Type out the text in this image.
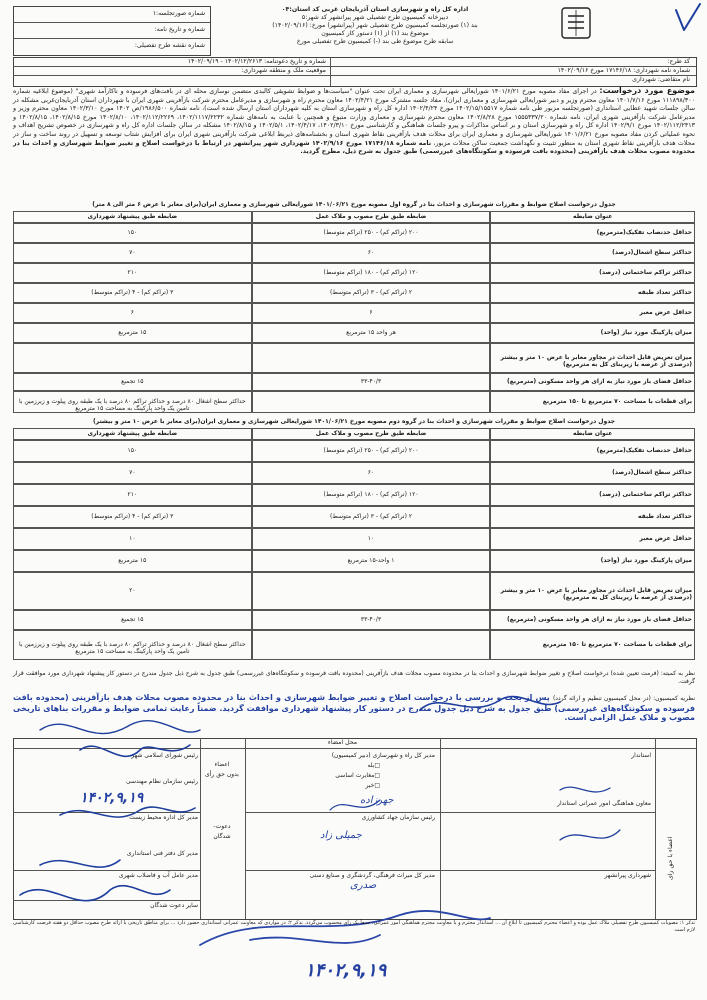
اداره کل راه و شهرسازی استان آذربایجان غربی کد استان:۰۴
دبیرخانه کمیسیون طرح تفصیلی شهر پیرانشهر کد شهر:۵
بند (۱) صورتجلسه کمیسیون طرح تفصیلی شهر (پیرانشهر) مورخ: (۱۴۰۲/۰۹/۱۶)
موضوع بند (۱) از (۱) دستور کار کمیسیون
سابقه طرح موضوع طی بند (-) کمیسیون طرح تفصیلی مورخ
شماره صورتجلسه:۱
شماره و تاریخ نامه:
شماره نقشه طرح تفصیلی:
کد طرح:
شماره و تاریخ دعوتنامه: ۱۴۰۲/۱۲/۲۶۱۳ - ۱۴۰۲/۰۹/۱۹
شماره نامه شهرداری: ۱۷۱۴۶/۱۸ مورخ ۱۴۰۲/۰۹/۱۶
موقعیت ملک و منطقه شهرداری:
نام متقاضی: شهرداری
موضوع مورد درخواست: در اجرای مفاد مصوبه مورخ ۱۴۰۱/۶/۲۱ شورایعالی شهرسازی و معماری ایران تحت عنوان "سیاست‌ها و ضوابط تشویقی کالبدی متضمن نوسازی محله ای در بافت‌های فرسوده و ناکارآمد شهری" (موضوع ابلاغیه شماره ۱۱۱۸۹۸/۳۰۰ مورخ ۱۴۰۱/۷/۱۶ معاون محترم وزیر و دبیر شورایعالی شهرسازی و معماری ایران)، مفاد جلسه مشترک مورخ ۱۴۰۲/۴/۲۱ معاون محترم راه و شهرسازی و مدیرعامل محترم شرکت بازآفرینی شهری ایران با شهرداران استان آذربایجان‌غربی مشکله در سالن جلسات شهید عطایی استانداری (صورتجلسه مزبور طی نامه شماره ۱۴۰۲/۱۵/۱۵۵۱۷ مورخ ۱۴۰۲/۴/۲۴ اداره کل راه و شهرسازی استان به کلیه شهرداران استان ارسال شده است)، نامه شماره ۱۹۸۶/۵۰۰/ص ۱۴۰۲ مورخ ۱۴۰۲/۳/۱۰ معاون محترم وزیر و مدیرعامل شرکت بازآفرینی شهری ایران، نامه شماره ۱۵۵۵۳۳۷/۲۰ مورخ ۱۴۰۲/۸/۲۸ معاون محترم شهرسازی و معماری وزارت متبوع و همچنین با عنایت به نامه‌های شماره ۱۴۰۲/۱۱۱۷/۲۲۳۲، ۱۴۰۲/۱۱۲/۲۲۶۹، ۱۴۰۲/۸/۱۰ مورخ ۱۴۰۲/۸/۱۵، ۱۴۰۲/۸/۱۵ و ۱۴۰۲/۱۱۲/۲۴۱۳ مورخ ۱۴۰۲/۹/۱ اداره کل راه و شهرسازی استان و بر اساس مذاکرات و پیرو جلسات هماهنگی و کارشناسی مورخ ۱۴۰۲/۳/۱۰، ۱۴۰۲/۴/۱۷، ۱۴۰۲/۵/۱ و ۱۴۰۲/۸/۱۵ مشکله در سالن جلسات اداره کل راه و شهرسازی در خصوص تشریح اهداف و نحوه عملیاتی کردن مفاد مصوبه مورخ ۱۴۰۱/۶/۲۱ شورایعالی شهرسازی و معماری ایران برای محلات هدف بازآفرینی نقاط شهری استان و بخشنامه‌های ذیربط ابلاغی شرکت بازآفرینی شهری ایران برای افزایش شتاب توسعه و تسهیل در روند ساخت و ساز در محلات هدف بازآفرینی نقاط شهری استان به منظور تثبیت و نگهداشت جمعیت ساکن محلات مزبور، نامه شماره ۱۷۱۴۶/۱۸ مورخ ۱۴۰۲/۹/۱۶ شهرداری شهر پیرانشهر در ارتباط با درخواست اصلاح و تغییر ضوابط شهرسازی و احداث بنا در محدوده مصوب محلات هدف بازآفرینی (محدوده بافت فرسوده و سکونتگاه‌های غیررسمی) طبق جدول به شرح ذیل، مطرح گردید.
جدول درخواست اصلاح ضوابط و مقررات شهرسازی و احداث بنا در گروه اول مصوبه مورخ ۱۴۰۱/۰۶/۲۱ شورایعالی شهرسازی و معماری ایران(برای معابر با عرض ۶ متر الی ۸ متر)
عنوان ضابطه
ضابطه طبق طرح مصوب و ملاک عمل
ضابطه طبق پیشنهاد شهرداری
حداقل حدنصاب تفکیک(مترمربع)
۲۰۰ (تراکم کم) - ۲۵۰ (تراکم متوسط)
۱۵۰
حداکثر سطح اشغال(درصد)
۶۰
۷۰
حداکثر تراکم ساختمانی (درصد)
۱۲۰ (تراکم کم) - ۱۸۰ (تراکم متوسط)
۲۱۰
حداکثر تعداد طبقه
۲ (تراکم کم) - ۳ (تراکم متوسط)
۳ (تراکم کم) - ۴ (تراکم متوسط)
حداقل عرض معبر
۶
۶
میزان پارکینگ مورد نیاز (واحد)
هر واحد ۱۵ مترمربع
۱۵ مترمربع
میزان تعریض قابل احداث در مجاور معابر با عرض ۱۰ متر و بیشتر (درصدی از عرصه با زیربنای کل به مترمربع)
حداقل فضای باز مورد نیاز به ازای هر واحد مسکونی (مترمربع)
۳۳-۴۰/۳
۱۵ تجمیع
برای قطعات با مساحت ۷۰ مترمربع تا ۱۵۰ مترمربع
حداکثر سطح اشغال ۸۰ درصد و حداکثر تراکم ۸۰ درصد با یک طبقه روی پیلوت و زیرزمین با تامین یک واحد پارکینگ به مساحت ۱۵ مترمربع
جدول درخواست اصلاح ضوابط و مقررات شهرسازی و احداث بنا در گروه دوم مصوبه مورخ ۱۴۰۱/۰۶/۲۱ شورایعالی شهرسازی و معماری ایران(برای معابر با عرض ۱۰ متر و بیشتر)
عنوان ضابطه
ضابطه طبق طرح مصوب و ملاک عمل
ضابطه طبق پیشنهاد شهرداری
حداقل حدنصاب تفکیک(مترمربع)
۲۰۰ (تراکم کم) - ۲۵۰ (تراکم متوسط)
۱۵۰
حداکثر سطح اشغال(درصد)
۶۰
۷۰
حداکثر تراکم ساختمانی (درصد)
۱۲۰ (تراکم کم) - ۱۸۰ (تراکم متوسط)
۲۱۰
حداکثر تعداد طبقه
۲ (تراکم کم) - ۳ (تراکم متوسط)
۳ (تراکم کم) - ۴ (تراکم متوسط)
حداقل عرض معبر
۱۰
۱۰
میزان پارکینگ مورد نیاز (واحد)
۱ واحد-۱۵ مترمربع
۱۵ مترمربع
میزان تعریض قابل احداث در مجاور معابر با عرض ۱۰ متر و بیشتر (درصدی از عرصه با زیربنای کل به مترمربع)
۲۰
حداقل فضای باز مورد نیاز به ازای هر واحد مسکونی (مترمربع)
۳۳-۴۰/۳
۱۵ تجمیع
برای قطعات با مساحت ۷۰ مترمربع تا ۱۵۰ مترمربع
حداکثر سطح اشغال ۸۰ درصد و حداکثر تراکم ۸۰ درصد با یک طبقه روی پیلوت و زیرزمین با تامین یک واحد پارکینگ به مساحت ۱۵ مترمربع
نظر به کمیته: (فرمت تعیین شده) درخواست اصلاح و تغییر ضوابط شهرسازی و احداث بنا در محدوده مصوب محلات هدف بازآفرینی (محدوده بافت فرسوده و سکونتگاه‌های غیررسمی) طبق جدول به شرح ذیل جدول مندرج در دستور کار پیشنهاد شهرداری مورد موافقت قرار گرفت.
نظریه کمیسیون: (در محل کمیسیون تنظیم و ارائه گردد) پس از بحث و بررسی با درخواست اصلاح و تغییر ضوابط شهرسازی و احداث بنا در محدوده مصوب محلات هدف بازآفرینی (محدوده بافت فرسوده و سکونتگاه‌های غیررسمی) طبق جدول به شرح ذیل جدول مندرج در دستور کار پیشنهاد شهرداری موافقت گردید. ضمناً رعایت تمامی ضوابط و مقررات بناهای تاریخی مصوب و ملاک عمل الزامی است.
محل امضاء
اعضاء با حق رای
استاندار
معاون هماهنگی امور عمرانی استاندار
شهرداری پیرانشهر
مدیر کل راه و شهرسازی (دبیر کمیسیون)
□بله
□مغایرت اساسی
□خیر
رئیس سازمان جهاد کشاورزی
مدیر کل میراث فرهنگی، گردشگری و صنایع دستی
رئیس شورای اسلامی شهر
رئیس سازمان نظام مهندسی
مدیر کل اداره محیط زیست
مدیر کل دفتر فنی استانداری
مدیر عامل آب و فاضلاب شهری
سایر دعوت شدگان
اعضاء
بدون حق رأی
دعوت-
شدگان
جهرزاده
جمیلی زاد
صدری
۱۴۰۲,۹,۱۹
۱۴۰۲,۹,۱۹
تذکر ۱: مصوبات کمیسیون طرح تفصیلی ملاک عمل بوده و اعضاء محترم کمیسیون تا ابلاغ آن ... استاندار محترم و یا معاونت محترم هماهنگی امور عمرانی، جمعاً یک رأی محسوب می‌گردد. تذکر ۲: در مواردی که معاونت عمرانی استانداری حضور دارد ... برای مناطق تاریخی با ارائه طرح مصوب حداقل دو هفته فرصت کارشناسی لازم است
